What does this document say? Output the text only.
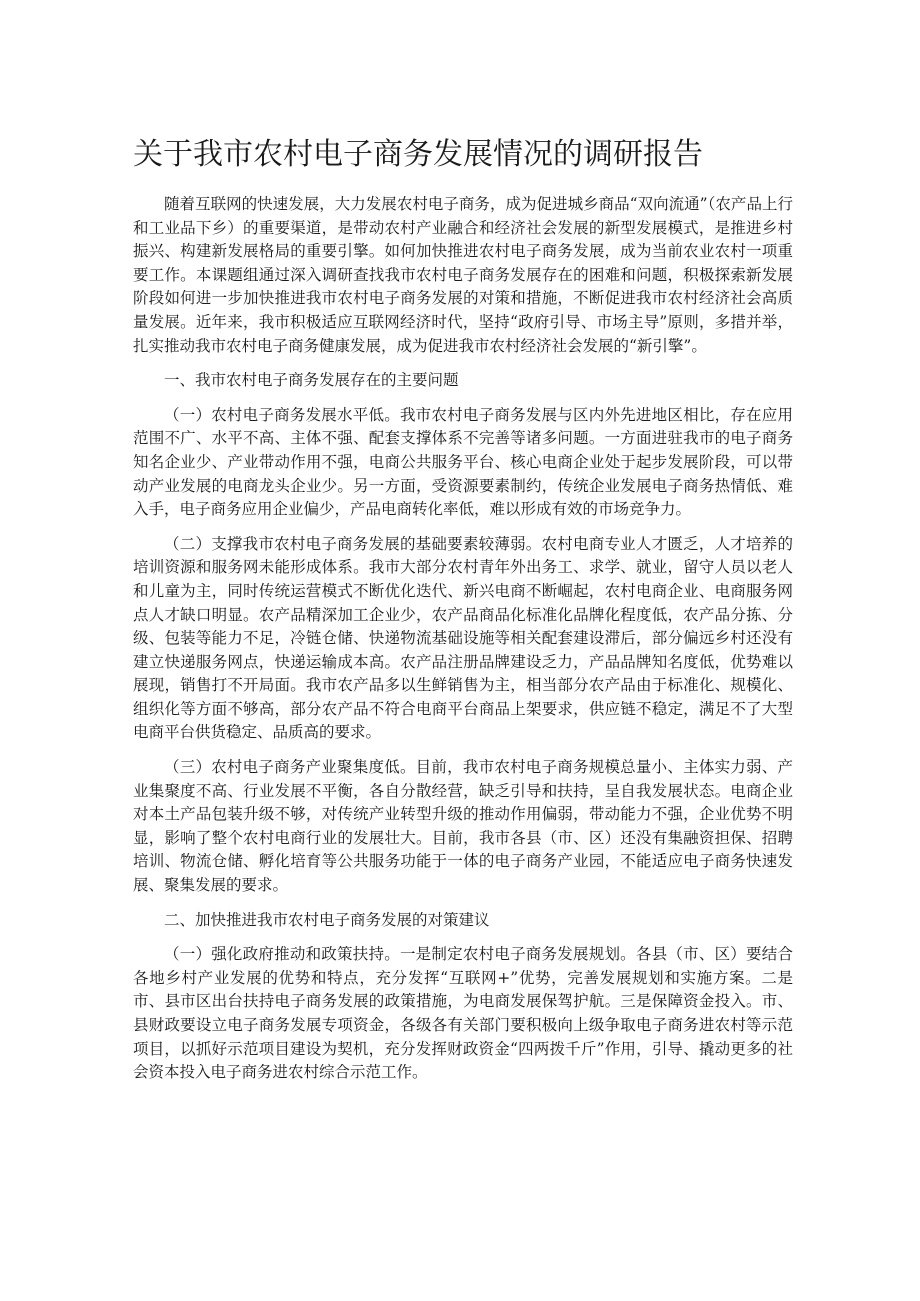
关于我市农村电子商务发展情况的调研报告

随着互联网的快速发展，大力发展农村电子商务，成为促进城乡商品“双向流通”（农产品上行和工业品下乡）的重要渠道，是带动农村产业融合和经济社会发展的新型发展模式，是推进乡村振兴、构建新发展格局的重要引擎。如何加快推进农村电子商务发展，成为当前农业农村一项重要工作。本课题组通过深入调研查找我市农村电子商务发展存在的困难和问题，积极探索新发展阶段如何进一步加快推进我市农村电子商务发展的对策和措施，不断促进我市农村经济社会高质量发展。近年来，我市积极适应互联网经济时代，坚持“政府引导、市场主导”原则，多措并举，扎实推动我市农村电子商务健康发展，成为促进我市农村经济社会发展的“新引擎”。

一、我市农村电子商务发展存在的主要问题

（一）农村电子商务发展水平低。我市农村电子商务发展与区内外先进地区相比，存在应用范围不广、水平不高、主体不强、配套支撑体系不完善等诸多问题。一方面进驻我市的电子商务知名企业少、产业带动作用不强，电商公共服务平台、核心电商企业处于起步发展阶段，可以带动产业发展的电商龙头企业少。另一方面，受资源要素制约，传统企业发展电子商务热情低、难入手，电子商务应用企业偏少，产品电商转化率低，难以形成有效的市场竞争力。

（二）支撑我市农村电子商务发展的基础要素较薄弱。农村电商专业人才匮乏，人才培养的培训资源和服务网未能形成体系。我市大部分农村青年外出务工、求学、就业，留守人员以老人和儿童为主，同时传统运营模式不断优化迭代、新兴电商不断崛起，农村电商企业、电商服务网点人才缺口明显。农产品精深加工企业少，农产品商品化标准化品牌化程度低，农产品分拣、分级、包装等能力不足，冷链仓储、快递物流基础设施等相关配套建设滞后，部分偏远乡村还没有建立快递服务网点，快递运输成本高。农产品注册品牌建设乏力，产品品牌知名度低，优势难以展现，销售打不开局面。我市农产品多以生鲜销售为主，相当部分农产品由于标准化、规模化、组织化等方面不够高，部分农产品不符合电商平台商品上架要求，供应链不稳定，满足不了大型电商平台供货稳定、品质高的要求。

（三）农村电子商务产业聚集度低。目前，我市农村电子商务规模总量小、主体实力弱、产业集聚度不高、行业发展不平衡，各自分散经营，缺乏引导和扶持，呈自我发展状态。电商企业对本土产品包装升级不够，对传统产业转型升级的推动作用偏弱，带动能力不强，企业优势不明显，影响了整个农村电商行业的发展壮大。目前，我市各县（市、区）还没有集融资担保、招聘培训、物流仓储、孵化培育等公共服务功能于一体的电子商务产业园，不能适应电子商务快速发展、聚集发展的要求。

二、加快推进我市农村电子商务发展的对策建议

（一）强化政府推动和政策扶持。一是制定农村电子商务发展规划。各县（市、区）要结合各地乡村产业发展的优势和特点，充分发挥“互联网+”优势，完善发展规划和实施方案。二是市、县市区出台扶持电子商务发展的政策措施，为电商发展保驾护航。三是保障资金投入。市、县财政要设立电子商务发展专项资金，各级各有关部门要积极向上级争取电子商务进农村等示范项目，以抓好示范项目建设为契机，充分发挥财政资金“四两拨千斤”作用，引导、撬动更多的社会资本投入电子商务进农村综合示范工作。
